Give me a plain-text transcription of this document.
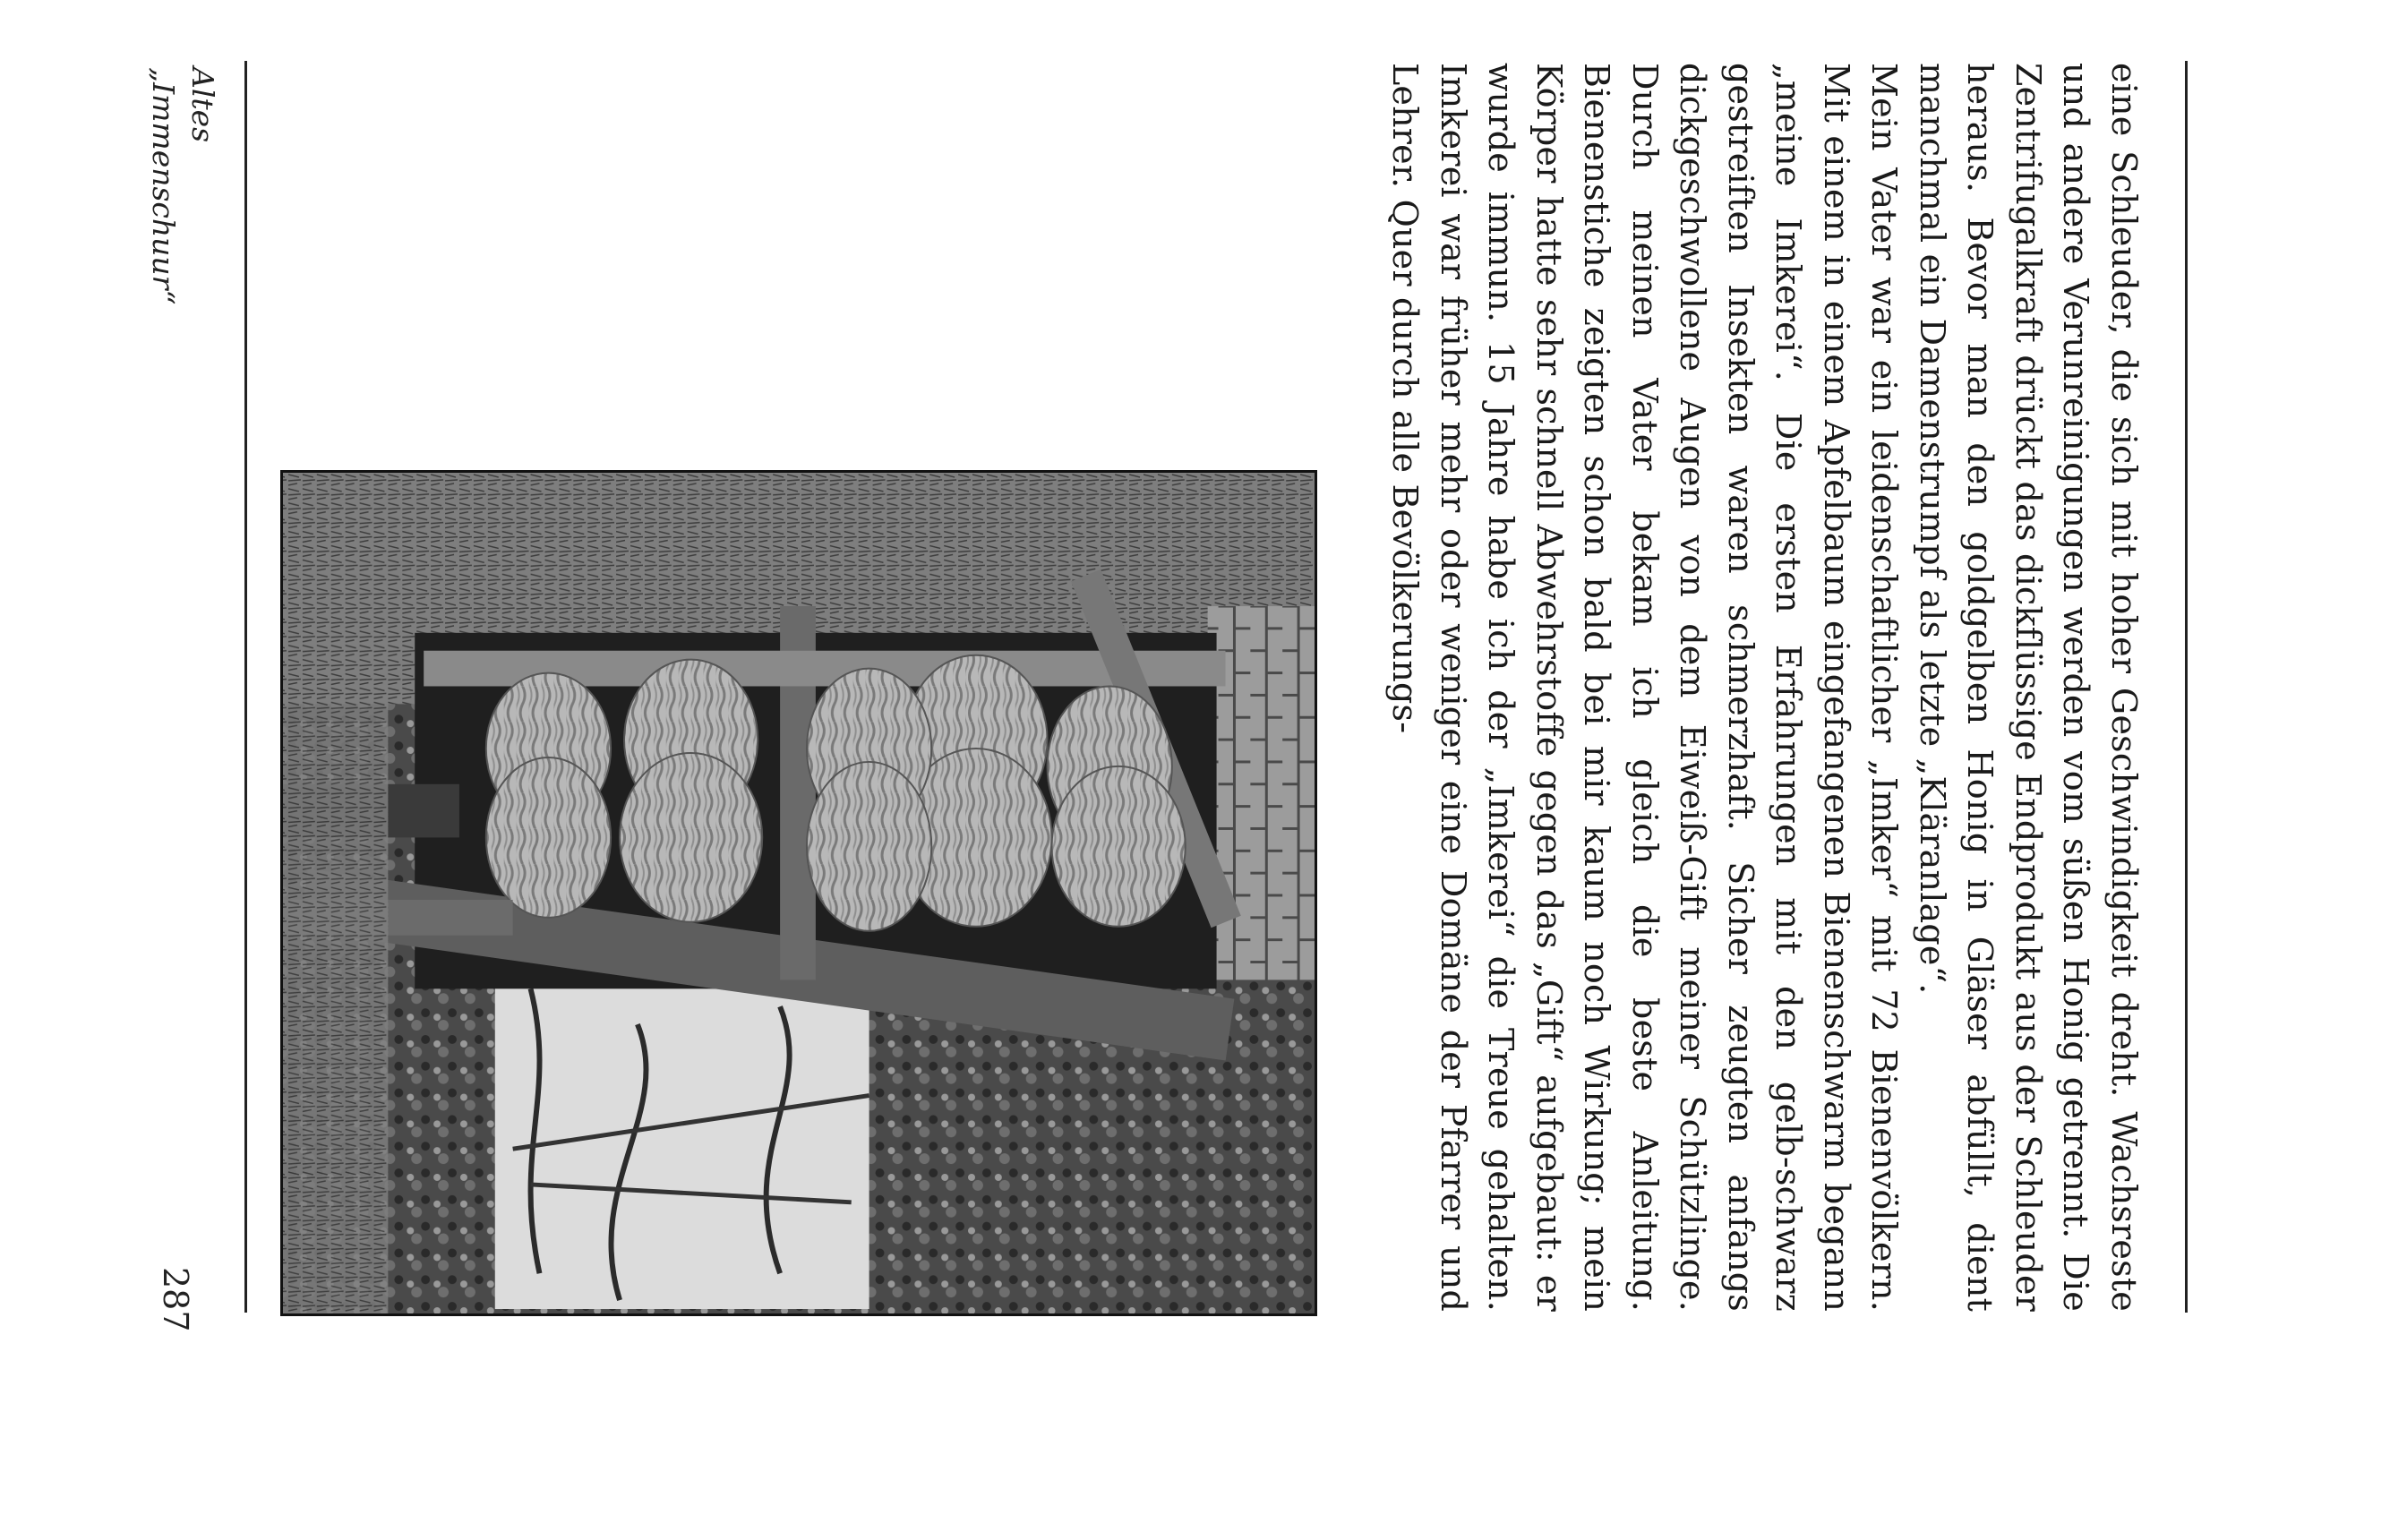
eine Schleuder, die sich mit hoher Geschwindigkeit dreht. Wachsreste und andere Verunreinigungen werden vom süßen Honig getrennt. Die Zentrifugalkraft drückt das dickflüssige Endprodukt aus der Schleuder heraus. Bevor man den goldgelben Honig in Gläser abfüllt, dient manchmal ein Damenstrumpf als letzte „Kläranlage“.

Mein Vater war ein leidenschaftlicher „Imker“ mit 72 Bienenvölkern. Mit einem in einem Apfelbaum eingefangenen Bienenschwarm begann „meine Imkerei“. Die ersten Erfahrungen mit den gelb-schwarz gestreiften Insekten waren schmerzhaft. Sicher zeugten anfangs dickgeschwollene Augen von dem Eiweiß-Gift meiner Schützlinge. Durch meinen Vater bekam ich gleich die beste Anleitung. Bienenstiche zeigten schon bald bei mir kaum noch Wirkung; mein Körper hatte sehr schnell Abwehrstoffe gegen das „Gift“ aufgebaut: er wurde immun. 15 Jahre habe ich der „Imkerei“ die Treue gehalten. Imkerei war früher mehr oder weniger eine Domäne der Pfarrer und Lehrer. Quer durch alle Bevölkerungs-

Altes
„Immenschuur“
287
